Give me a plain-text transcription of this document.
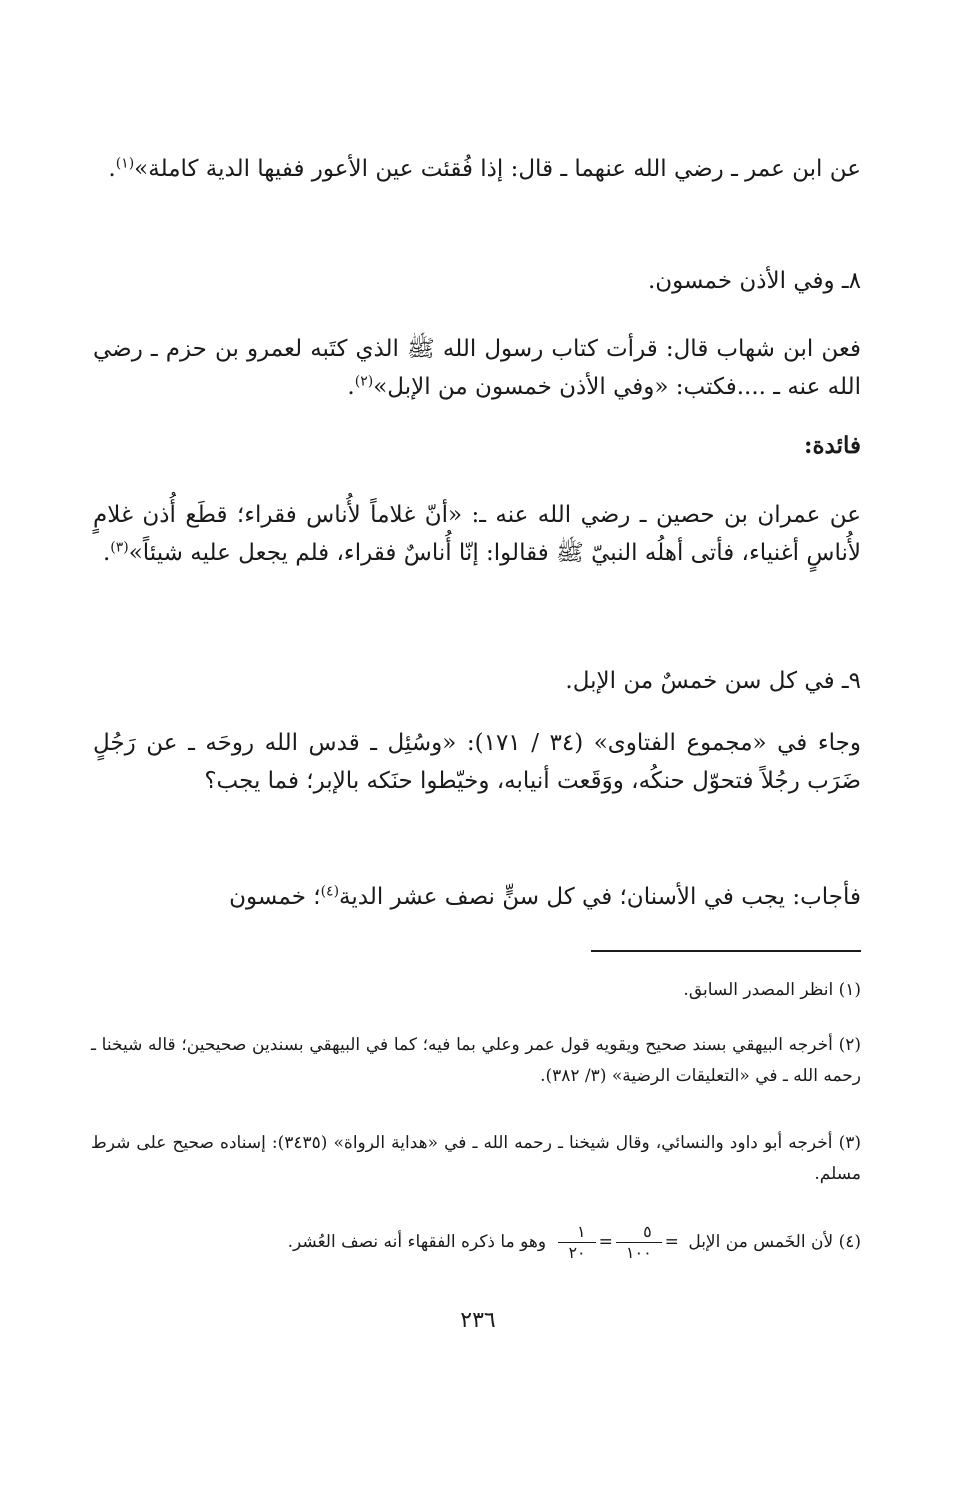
عن ابن عمر ـ رضي الله عنهما ـ قال: إذا فُقئت عين الأعور ففيها الدية كاملة»$^{(١)}$.

٨ـ وفي الأذن خمسون.

فعن ابن شهاب قال: قرأت كتاب رسول الله ﷺ الذي كتَبه لعمرو بن حزم ـ رضي الله عنه ـ ....فكتب: «وفي الأذن خمسون من الإبل»$^{(٢)}$.

فائدة:

عن عمران بن حصين ـ رضي الله عنه ـ: «أنّ غلاماً لأُناس فقراء؛ قطَع أُذن غلامٍ لأُناسٍ أغنياء، فأتى أهلُه النبيّ ﷺ فقالوا: إنّا أُناسٌ فقراء، فلم يجعل عليه شيئاً»$^{(٣)}$.

٩ـ في كل سن خمسٌ من الإبل.

وجاء في «مجموع الفتاوى» (٣٤ / ١٧١): «وسُئِل ـ قدس الله روحَه ـ عن رَجُلٍ ضَرَب رجُلاً فتحوّل حنكُه، ووَقَعت أنيابه، وخيّطوا حنَكه بالإبر؛ فما يجب؟

فأجاب: يجب في الأسنان؛ في كل سنٍّ نصف عشر الدية$^{(٤)}$؛ خمسون

(١) انظر المصدر السابق.

(٢) أخرجه البيهقي بسند صحيح ويقويه قول عمر وعلي بما فيه؛ كما في البيهقي بسندين صحيحين؛ قاله شيخنا ـ رحمه الله ـ في «التعليقات الرضية» (٣/ ٣٨٢).

(٣) أخرجه أبو داود والنسائي، وقال شيخنا ـ رحمه الله ـ في «هداية الرواة» (٣٤٣٥): إسناده صحيح على شرط مسلم.

(٤) لأن الخَمس من الإبل
$\frac{١}{٢٠} = \frac{٥}{١٠٠}$ = وهو ما ذكره الفقهاء أنه نصف العُشر.

٢٣٦
